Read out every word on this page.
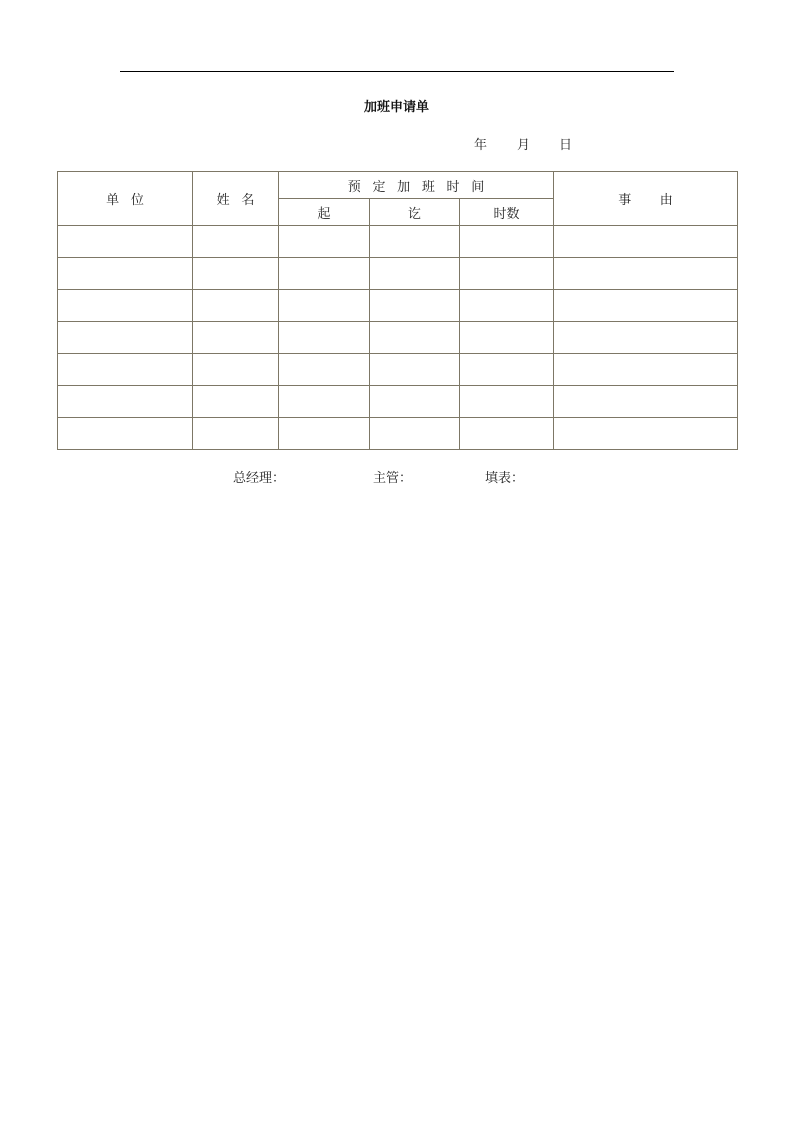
加班申请单
年 月 日
单位	姓名	预定加班时间			事由
		起	讫	时数	

总经理：	主管：	填表：
